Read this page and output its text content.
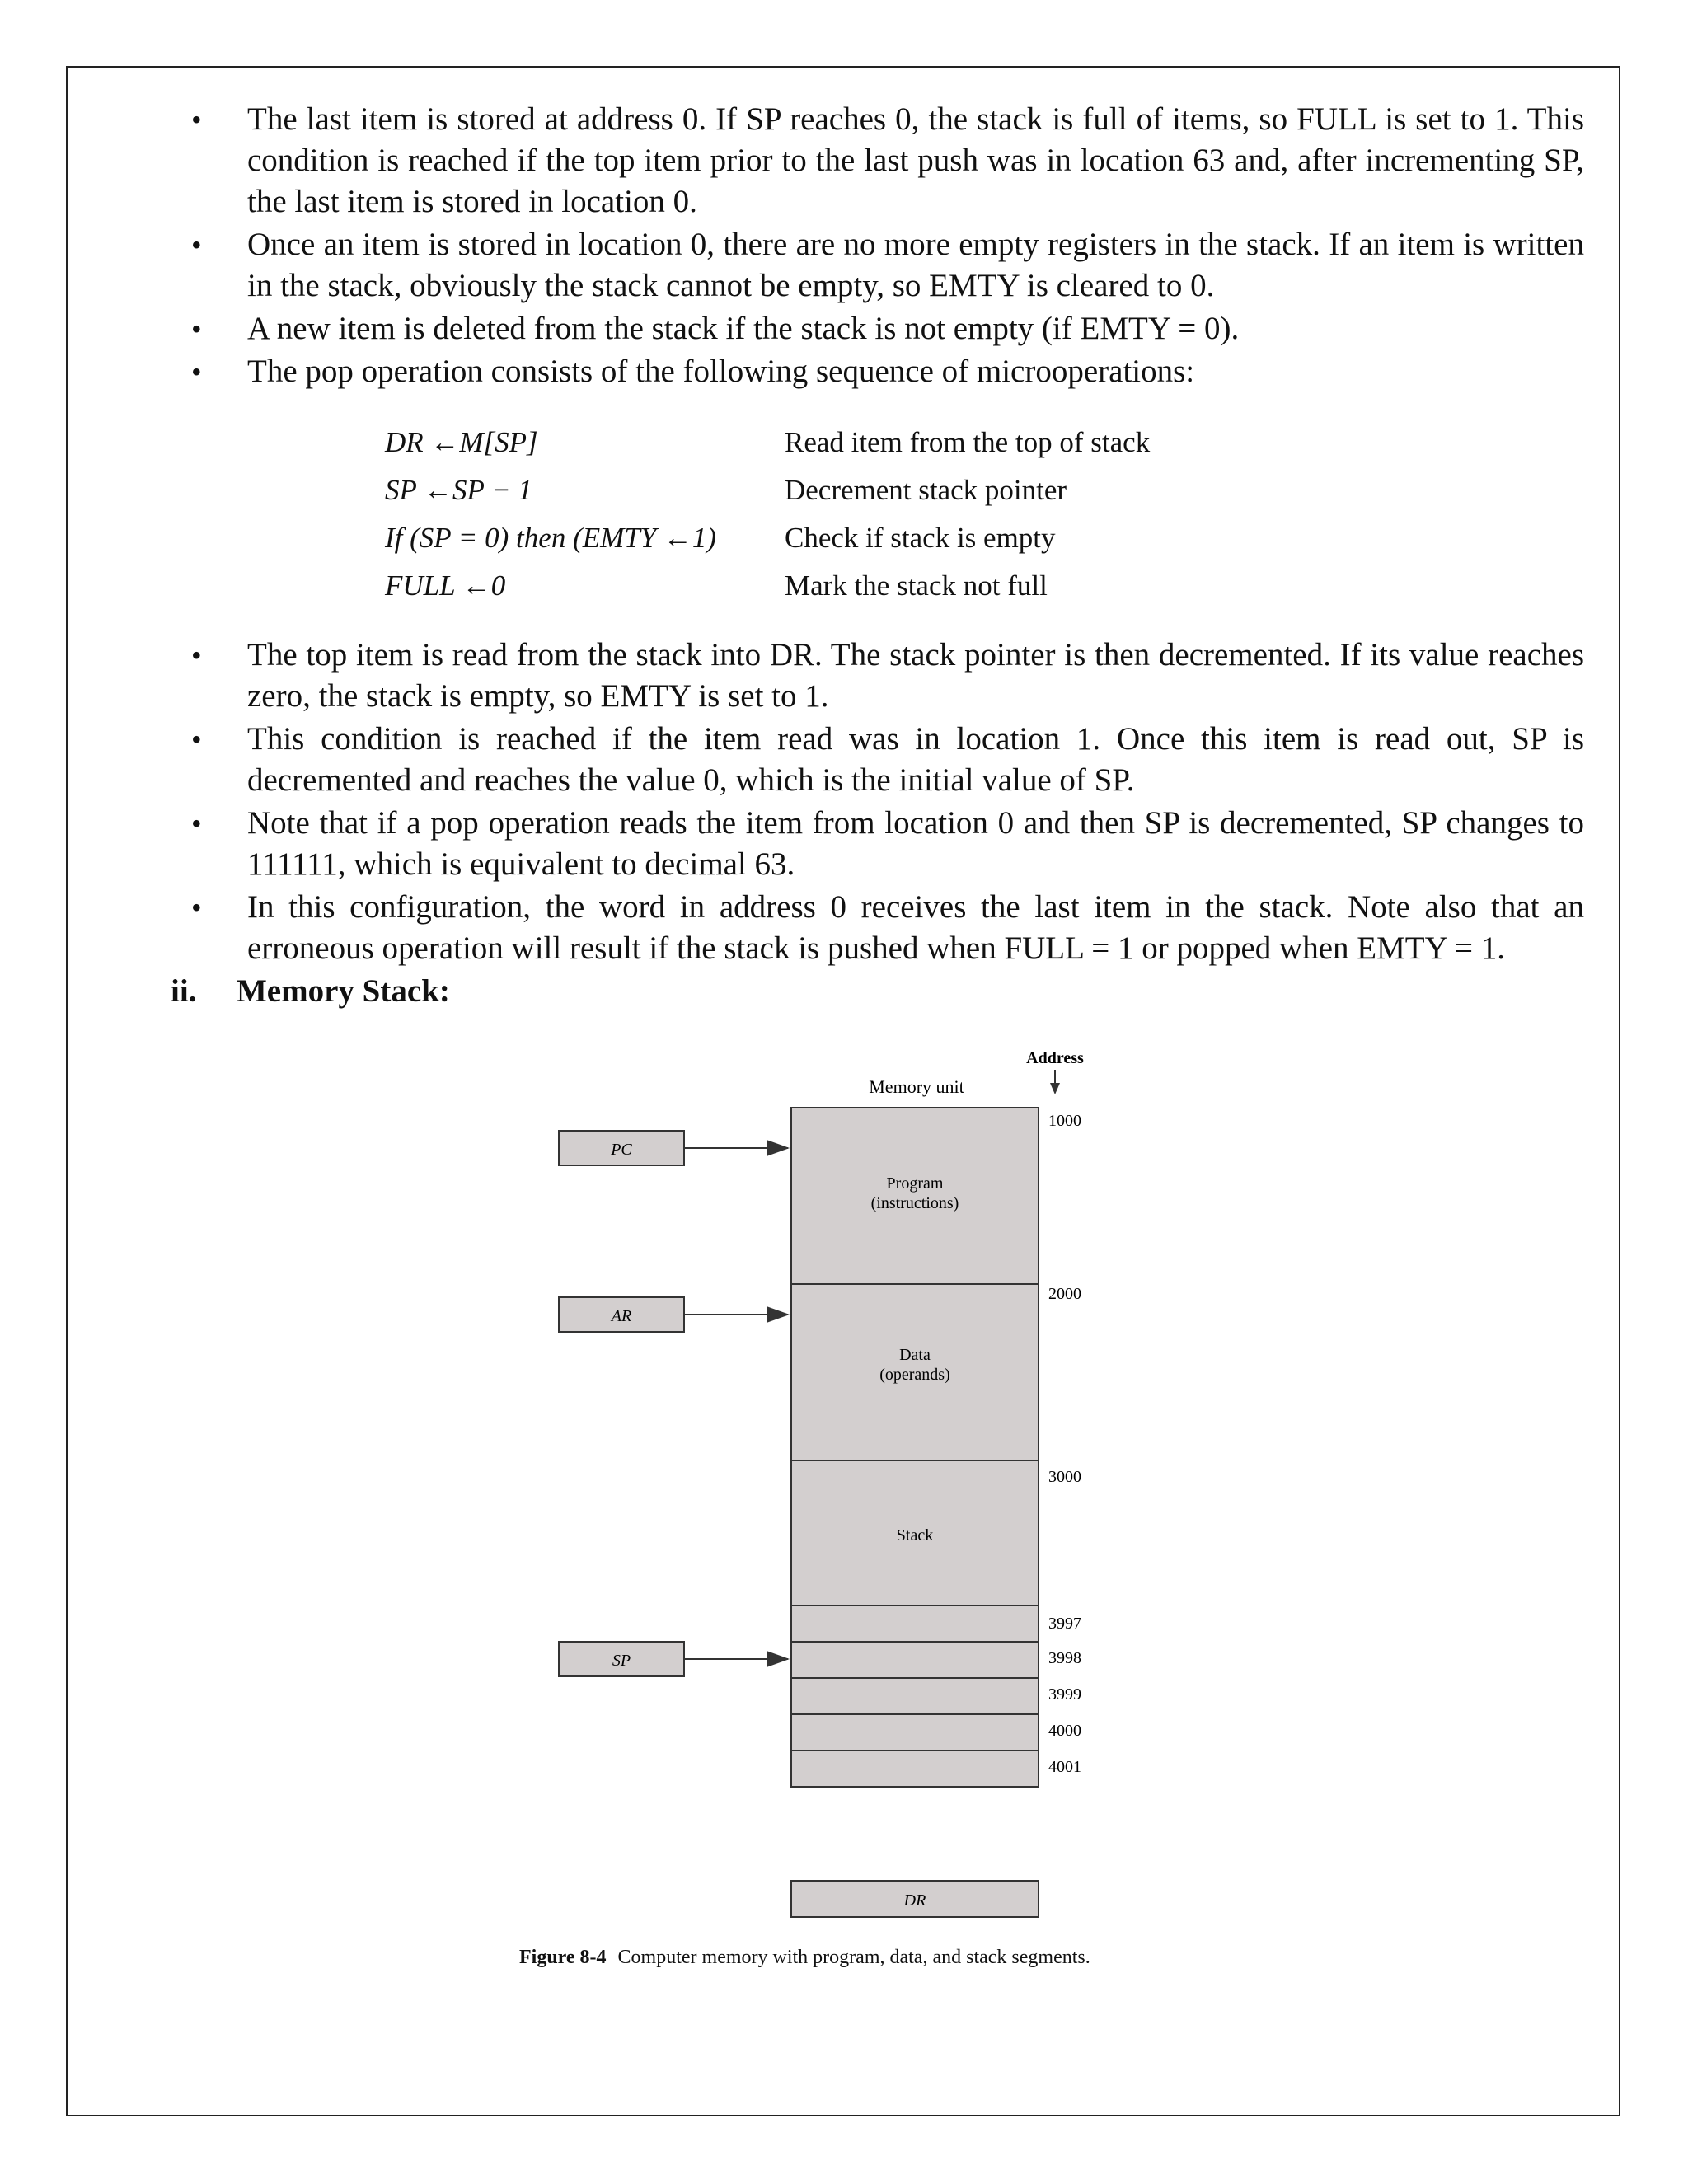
• The last item is stored at address 0. If SP reaches 0, the stack is full of items, so FULL is set to 1. This condition is reached if the top item prior to the last push was in location 63 and, after incrementing SP, the last item is stored in location 0.
• Once an item is stored in location 0, there are no more empty registers in the stack. If an item is written in the stack, obviously the stack cannot be empty, so EMTY is cleared to 0.
• A new item is deleted from the stack if the stack is not empty (if EMTY = 0).
• The pop operation consists of the following sequence of microoperations:
DR ←M[SP]	Read item from the top of stack
SP ←SP − 1	Decrement stack pointer
If (SP = 0) then (EMTY ←1)	Check if stack is empty
FULL ←0	Mark the stack not full
• The top item is read from the stack into DR. The stack pointer is then decremented. If its value reaches zero, the stack is empty, so EMTY is set to 1.
• This condition is reached if the item read was in location 1. Once this item is read out, SP is decremented and reaches the value 0, which is the initial value of SP.
• Note that if a pop operation reads the item from location 0 and then SP is decremented, SP changes to 111111, which is equivalent to decimal 63.
• In this configuration, the word in address 0 receives the last item in the stack. Note also that an erroneous operation will result if the stack is pushed when FULL = 1 or popped when EMTY = 1.
ii. Memory Stack:
Memory unit
Address
Program
(instructions)
Data
(operands)
Stack
1000
2000
3000
3997
3998
3999
4000
4001
PC
AR
SP
DR
Figure 8-4 Computer memory with program, data, and stack segments.
